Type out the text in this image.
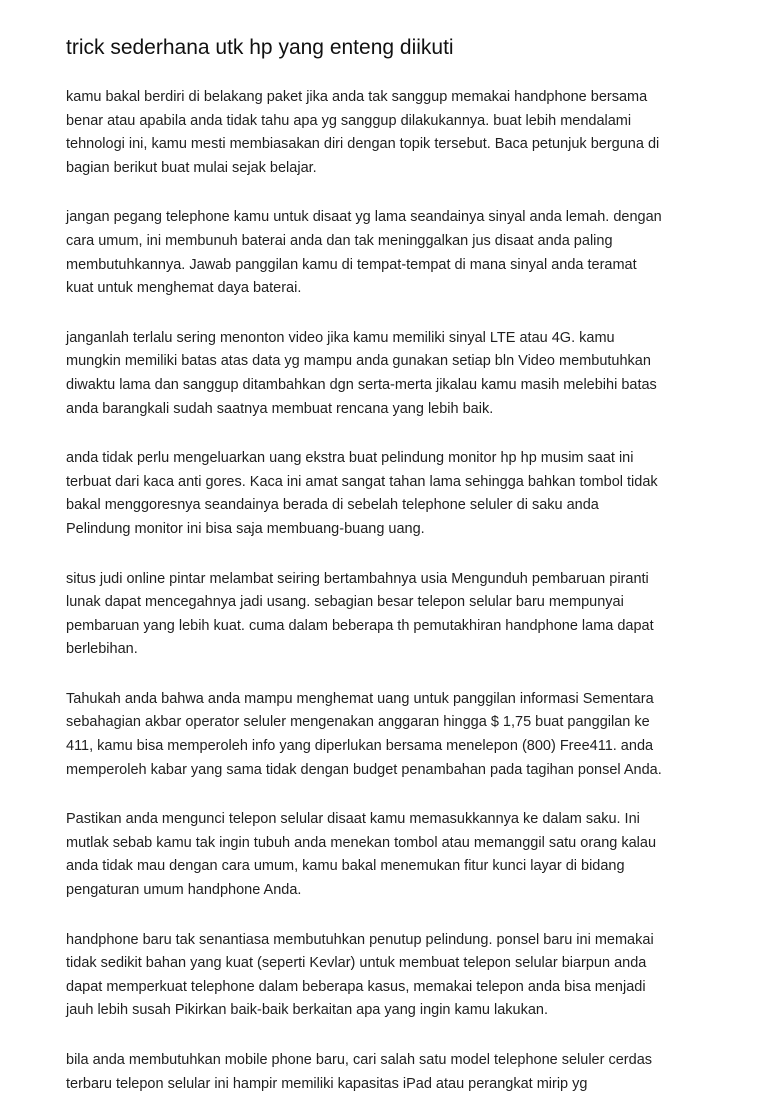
trick sederhana utk hp yang enteng diikuti
kamu bakal berdiri di belakang paket jika anda tak sanggup memakai handphone bersama
benar atau apabila anda tidak tahu apa yg sanggup dilakukannya. buat lebih mendalami
tehnologi ini, kamu mesti membiasakan diri dengan topik tersebut. Baca petunjuk berguna di
bagian berikut buat mulai sejak belajar.
jangan pegang telephone kamu untuk disaat yg lama seandainya sinyal anda lemah. dengan
cara umum, ini membunuh baterai anda dan tak meninggalkan jus disaat anda paling
membutuhkannya. Jawab panggilan kamu di tempat-tempat di mana sinyal anda teramat
kuat untuk menghemat daya baterai.
janganlah terlalu sering menonton video jika kamu memiliki sinyal LTE atau 4G. kamu
mungkin memiliki batas atas data yg mampu anda gunakan setiap bln Video membutuhkan
diwaktu lama dan sanggup ditambahkan dgn serta-merta jikalau kamu masih melebihi batas
anda barangkali sudah saatnya membuat rencana yang lebih baik.
anda tidak perlu mengeluarkan uang ekstra buat pelindung monitor hp hp musim saat ini
terbuat dari kaca anti gores. Kaca ini amat sangat tahan lama sehingga bahkan tombol tidak
bakal menggoresnya seandainya berada di sebelah telephone seluler di saku anda
Pelindung monitor ini bisa saja membuang-buang uang.
situs judi online pintar melambat seiring bertambahnya usia Mengunduh pembaruan piranti
lunak dapat mencegahnya jadi usang. sebagian besar telepon selular baru mempunyai
pembaruan yang lebih kuat. cuma dalam beberapa th pemutakhiran handphone lama dapat
berlebihan.
Tahukah anda bahwa anda mampu menghemat uang untuk panggilan informasi Sementara
sebahagian akbar operator seluler mengenakan anggaran hingga $ 1,75 buat panggilan ke
411, kamu bisa memperoleh info yang diperlukan bersama menelepon (800) Free411. anda
memperoleh kabar yang sama tidak dengan budget penambahan pada tagihan ponsel Anda.
Pastikan anda mengunci telepon selular disaat kamu memasukkannya ke dalam saku. Ini
mutlak sebab kamu tak ingin tubuh anda menekan tombol atau memanggil satu orang kalau
anda tidak mau dengan cara umum, kamu bakal menemukan fitur kunci layar di bidang
pengaturan umum handphone Anda.
handphone baru tak senantiasa membutuhkan penutup pelindung. ponsel baru ini memakai
tidak sedikit bahan yang kuat (seperti Kevlar) untuk membuat telepon selular biarpun anda
dapat memperkuat telephone dalam beberapa kasus, memakai telepon anda bisa menjadi
jauh lebih susah Pikirkan baik-baik berkaitan apa yang ingin kamu lakukan.
bila anda membutuhkan mobile phone baru, cari salah satu model telephone seluler cerdas
terbaru telepon selular ini hampir memiliki kapasitas iPad atau perangkat mirip yg
